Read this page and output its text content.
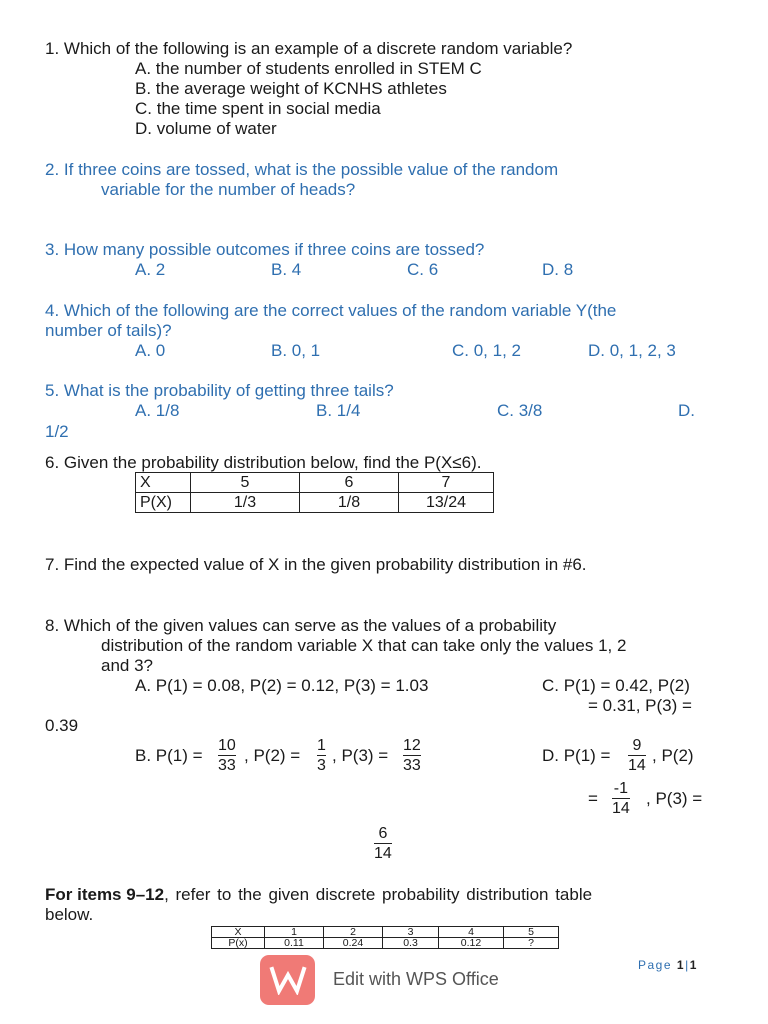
1. Which of the following is an example of a discrete random variable?
A. the number of students enrolled in STEM C
B. the average weight of KCNHS athletes
C. the time spent in social media
D. volume of water
2. If three coins are tossed, what is the possible value of the random
variable for the number of heads?
3. How many possible outcomes if three coins are tossed?
A. 2	B. 4	C. 6	D. 8
4. Which of the following are the correct values of the random variable Y(the
number of tails)?
A. 0	B. 0, 1	C. 0, 1, 2	D. 0, 1, 2, 3
5. What is the probability of getting three tails?
A. 1/8	B. 1/4	C. 3/8	D.
1/2
6. Given the probability distribution below, find the P(X≤6).
X	5	6	7
P(X)	1/3	1/8	13/24
7. Find the expected value of X in the given probability distribution in #6.
8. Which of the given values can serve as the values of a probability
distribution of the random variable X that can take only the values 1, 2
and 3?
A. P(1) = 0.08, P(2) = 0.12, P(3) = 1.03	C. P(1) = 0.42, P(2)
= 0.31, P(3) =
0.39
B. P(1) =
10
33
, P(2) =
1
3
, P(3) =
12
33
D. P(1) =
9
14
, P(2)
=
-1
14
, P(3) =
6
14
For items 9–12, refer to the given discrete probability distribution table
below.
X	1	2	3	4	5
P(x)	0.11	0.24	0.3	0.12	?
Page 1|1
Edit with WPS Office
